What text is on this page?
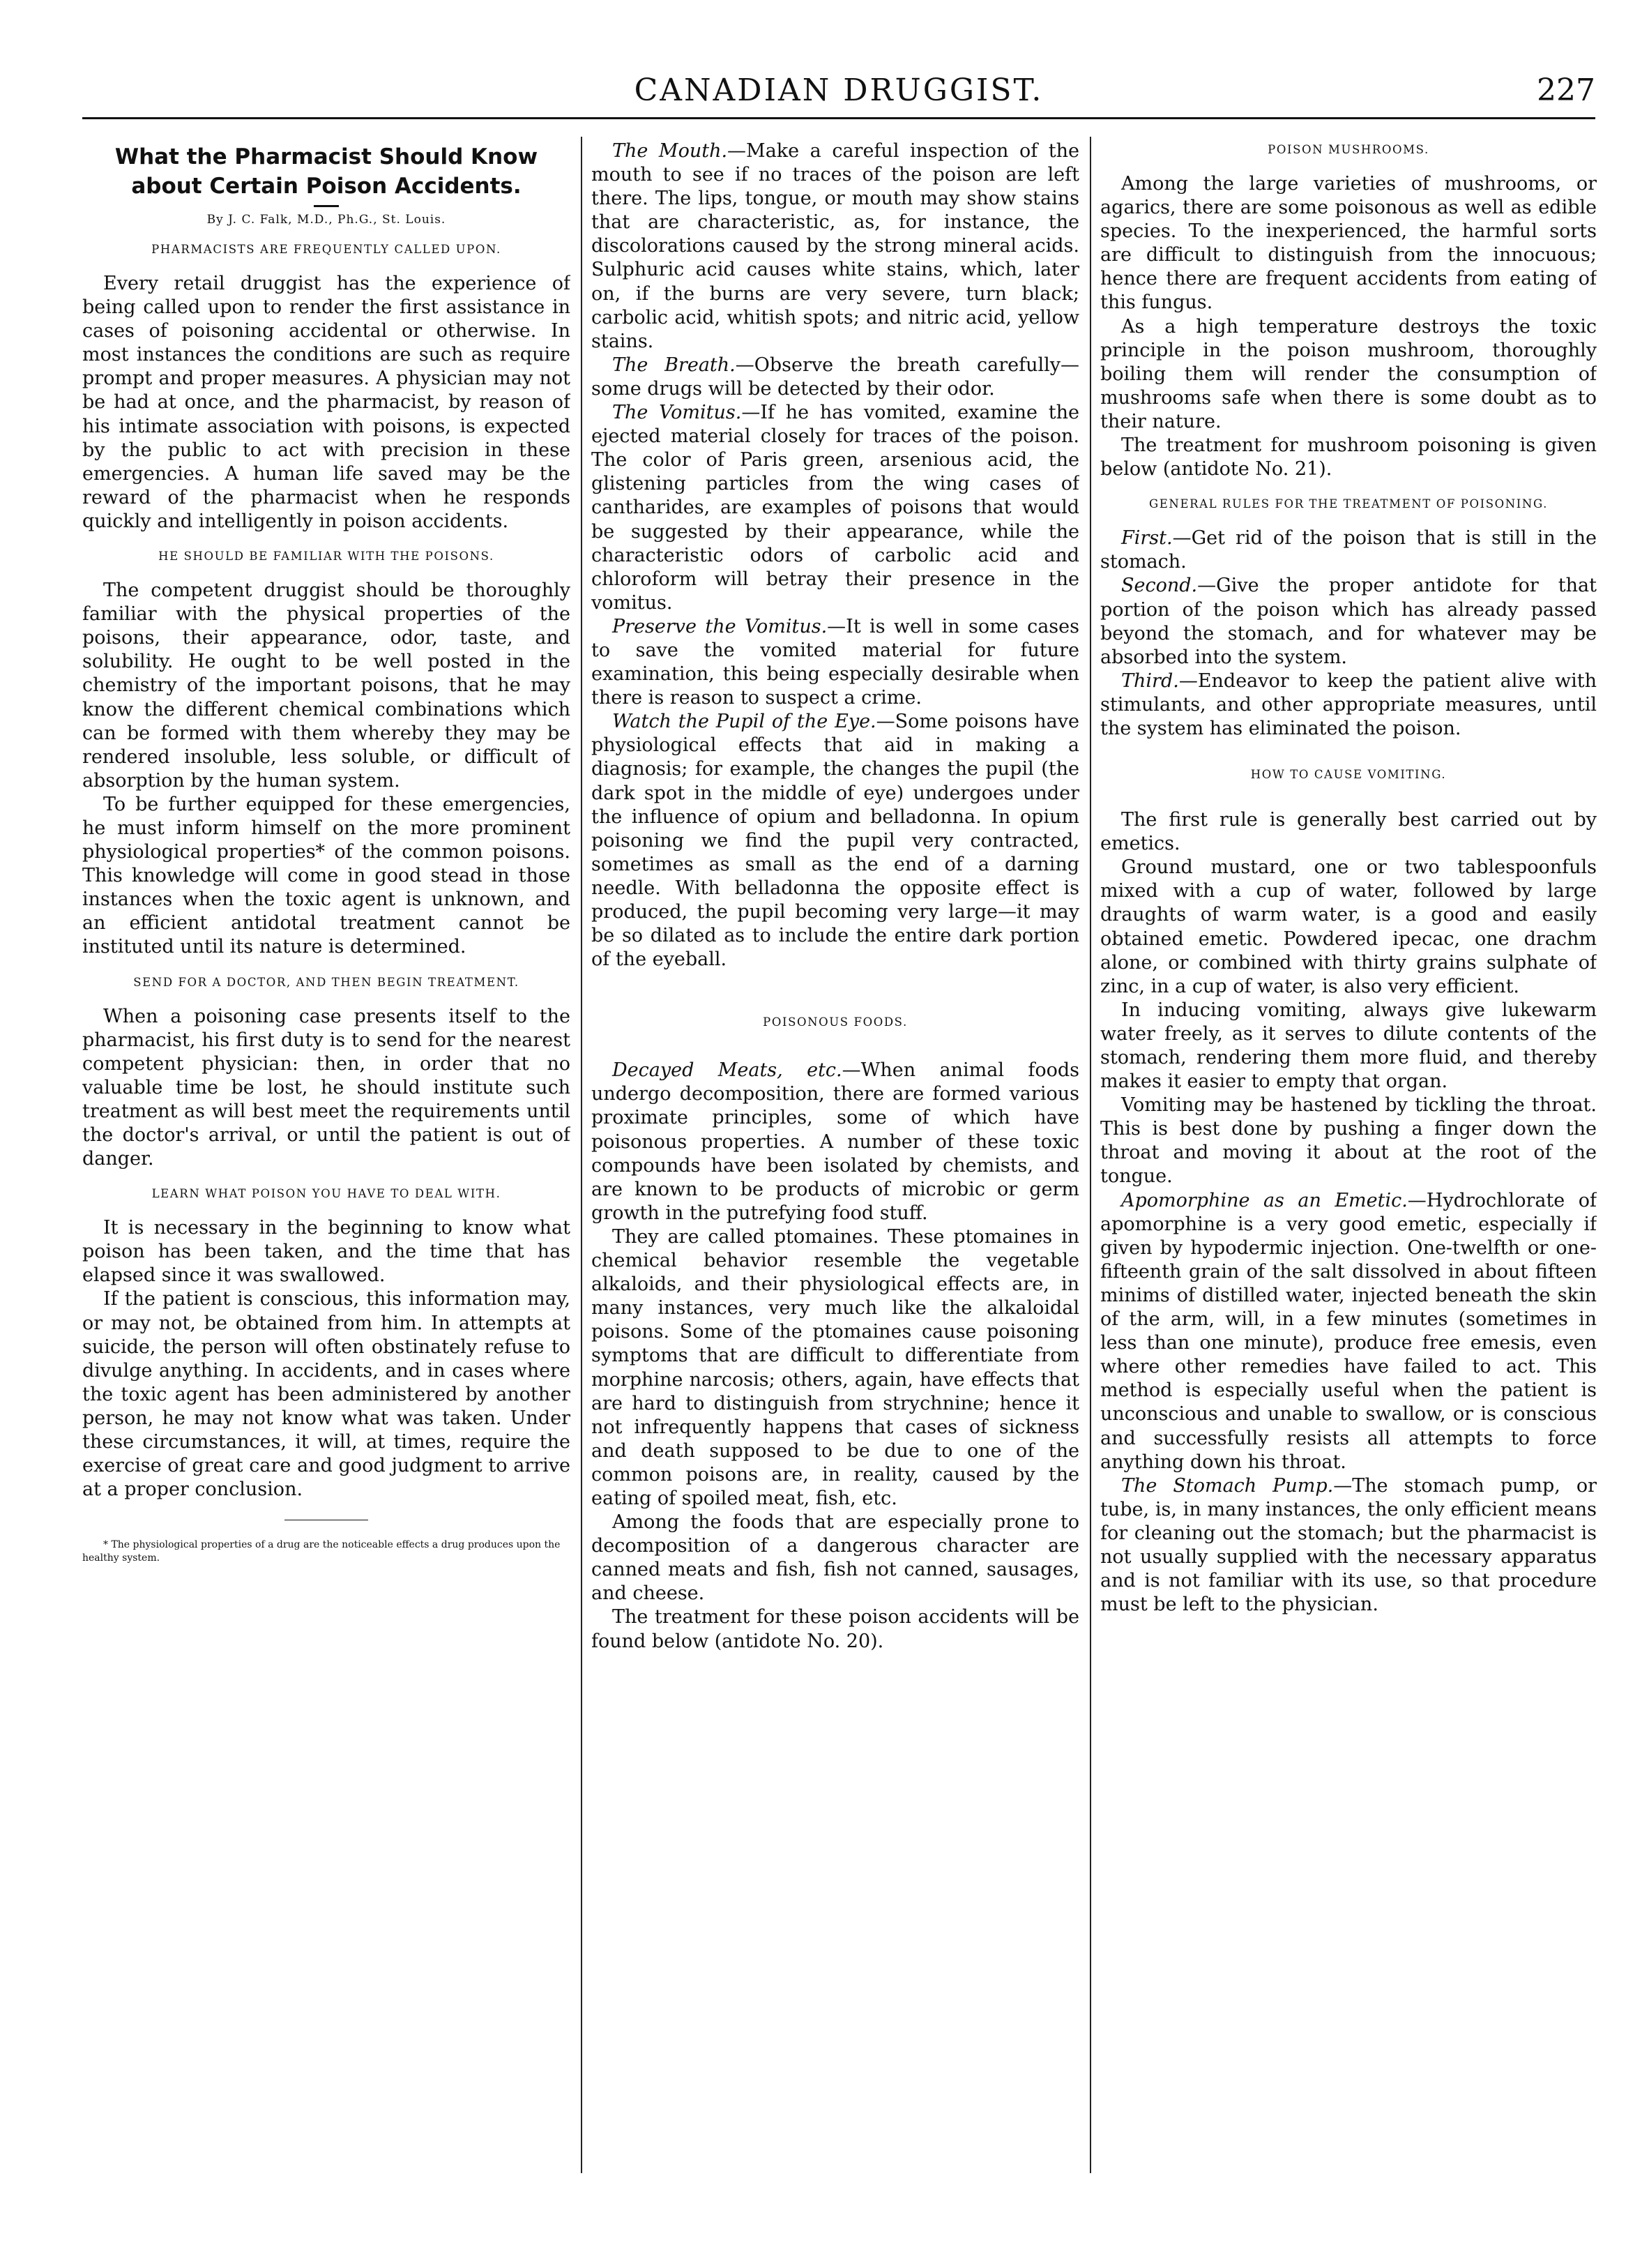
CANADIAN DRUGGIST.	227
What the Pharmacist Should Know
about Certain Poison Accidents.
By J. C. Falk, M.D., Ph.G., St. Louis.
PHARMACISTS ARE FREQUENTLY CALLED UPON.

Every retail druggist has the experience of being called upon to render the first assistance in cases of poisoning accidental or otherwise. In most instances the conditions are such as require prompt and proper measures. A physician may not be had at once, and the pharmacist, by reason of his intimate association with poisons, is expected by the public to act with precision in these emergencies. A human life saved may be the reward of the pharmacist when he responds quickly and intelligently in poison accidents.

HE SHOULD BE FAMILIAR WITH THE POISONS.

The competent druggist should be thoroughly familiar with the physical properties of the poisons, their appearance, odor, taste, and solubility. He ought to be well posted in the chemistry of the important poisons, that he may know the different chemical combinations which can be formed with them whereby they may be rendered insoluble, less soluble, or difficult of absorption by the human system.

To be further equipped for these emergencies, he must inform himself on the more prominent physiological properties* of the common poisons. This knowledge will come in good stead in those instances when the toxic agent is unknown, and an efficient antidotal treatment cannot be instituted until its nature is determined.

SEND FOR A DOCTOR, AND THEN BEGIN TREATMENT.

When a poisoning case presents itself to the pharmacist, his first duty is to send for the nearest competent physician: then, in order that no valuable time be lost, he should institute such treatment as will best meet the requirements until the doctor's arrival, or until the patient is out of danger.

LEARN WHAT POISON YOU HAVE TO DEAL WITH.

It is necessary in the beginning to know what poison has been taken, and the time that has elapsed since it was swallowed.

If the patient is conscious, this information may, or may not, be obtained from him. In attempts at suicide, the person will often obstinately refuse to divulge anything. In accidents, and in cases where the toxic agent has been administered by another person, he may not know what was taken. Under these circumstances, it will, at times, require the exercise of great care and good judgment to arrive at a proper conclusion.

* The physiological properties of a drug are the noticeable effects a drug produces upon the healthy system.

The Mouth.—Make a careful inspection of the mouth to see if no traces of the poison are left there. The lips, tongue, or mouth may show stains that are characteristic, as, for instance, the discolorations caused by the strong mineral acids. Sulphuric acid causes white stains, which, later on, if the burns are very severe, turn black; carbolic acid, whitish spots; and nitric acid, yellow stains.

The Breath.—Observe the breath carefully—some drugs will be detected by their odor.

The Vomitus.—If he has vomited, examine the ejected material closely for traces of the poison. The color of Paris green, arsenious acid, the glistening particles from the wing cases of cantharides, are examples of poisons that would be suggested by their appearance, while the characteristic odors of carbolic acid and chloroform will betray their presence in the vomitus.

Preserve the Vomitus.—It is well in some cases to save the vomited material for future examination, this being especially desirable when there is reason to suspect a crime.

Watch the Pupil of the Eye.—Some poisons have physiological effects that aid in making a diagnosis; for example, the changes the pupil (the dark spot in the middle of eye) undergoes under the influence of opium and belladonna. In opium poisoning we find the pupil very contracted, sometimes as small as the end of a darning needle. With belladonna the opposite effect is produced, the pupil becoming very large—it may be so dilated as to include the entire dark portion of the eyeball.

POISONOUS FOODS.

Decayed Meats, etc.—When animal foods undergo decomposition, there are formed various proximate principles, some of which have poisonous properties. A number of these toxic compounds have been isolated by chemists, and are known to be products of microbic or germ growth in the putrefying food stuff.

They are called ptomaines. These ptomaines in chemical behavior resemble the vegetable alkaloids, and their physiological effects are, in many instances, very much like the alkaloidal poisons. Some of the ptomaines cause poisoning symptoms that are difficult to differentiate from morphine narcosis; others, again, have effects that are hard to distinguish from strychnine; hence it not infrequently happens that cases of sickness and death supposed to be due to one of the common poisons are, in reality, caused by the eating of spoiled meat, fish, etc.

Among the foods that are especially prone to decomposition of a dangerous character are canned meats and fish, fish not canned, sausages, and cheese.

The treatment for these poison accidents will be found below (antidote No. 20).

POISON MUSHROOMS.

Among the large varieties of mushrooms, or agarics, there are some poisonous as well as edible species. To the inexperienced, the harmful sorts are difficult to distinguish from the innocuous; hence there are frequent accidents from eating of this fungus.

As a high temperature destroys the toxic principle in the poison mushroom, thoroughly boiling them will render the consumption of mushrooms safe when there is some doubt as to their nature.

The treatment for mushroom poisoning is given below (antidote No. 21).

GENERAL RULES FOR THE TREATMENT OF POISONING.

First.—Get rid of the poison that is still in the stomach.

Second.—Give the proper antidote for that portion of the poison which has already passed beyond the stomach, and for whatever may be absorbed into the system.

Third.—Endeavor to keep the patient alive with stimulants, and other appropriate measures, until the system has eliminated the poison.

HOW TO CAUSE VOMITING.

The first rule is generally best carried out by emetics.

Ground mustard, one or two tablespoonfuls mixed with a cup of water, followed by large draughts of warm water, is a good and easily obtained emetic. Powdered ipecac, one drachm alone, or combined with thirty grains sulphate of zinc, in a cup of water, is also very efficient.

In inducing vomiting, always give lukewarm water freely, as it serves to dilute contents of the stomach, rendering them more fluid, and thereby makes it easier to empty that organ.

Vomiting may be hastened by tickling the throat. This is best done by pushing a finger down the throat and moving it about at the root of the tongue.

Apomorphine as an Emetic.—Hydrochlorate of apomorphine is a very good emetic, especially if given by hypodermic injection. One-twelfth or one-fifteenth grain of the salt dissolved in about fifteen minims of distilled water, injected beneath the skin of the arm, will, in a few minutes (sometimes in less than one minute), produce free emesis, even where other remedies have failed to act. This method is especially useful when the patient is unconscious and unable to swallow, or is conscious and successfully resists all attempts to force anything down his throat.

The Stomach Pump.—The stomach pump, or tube, is, in many instances, the only efficient means for cleaning out the stomach; but the pharmacist is not usually supplied with the necessary apparatus and is not familiar with its use, so that procedure must be left to the physician.
